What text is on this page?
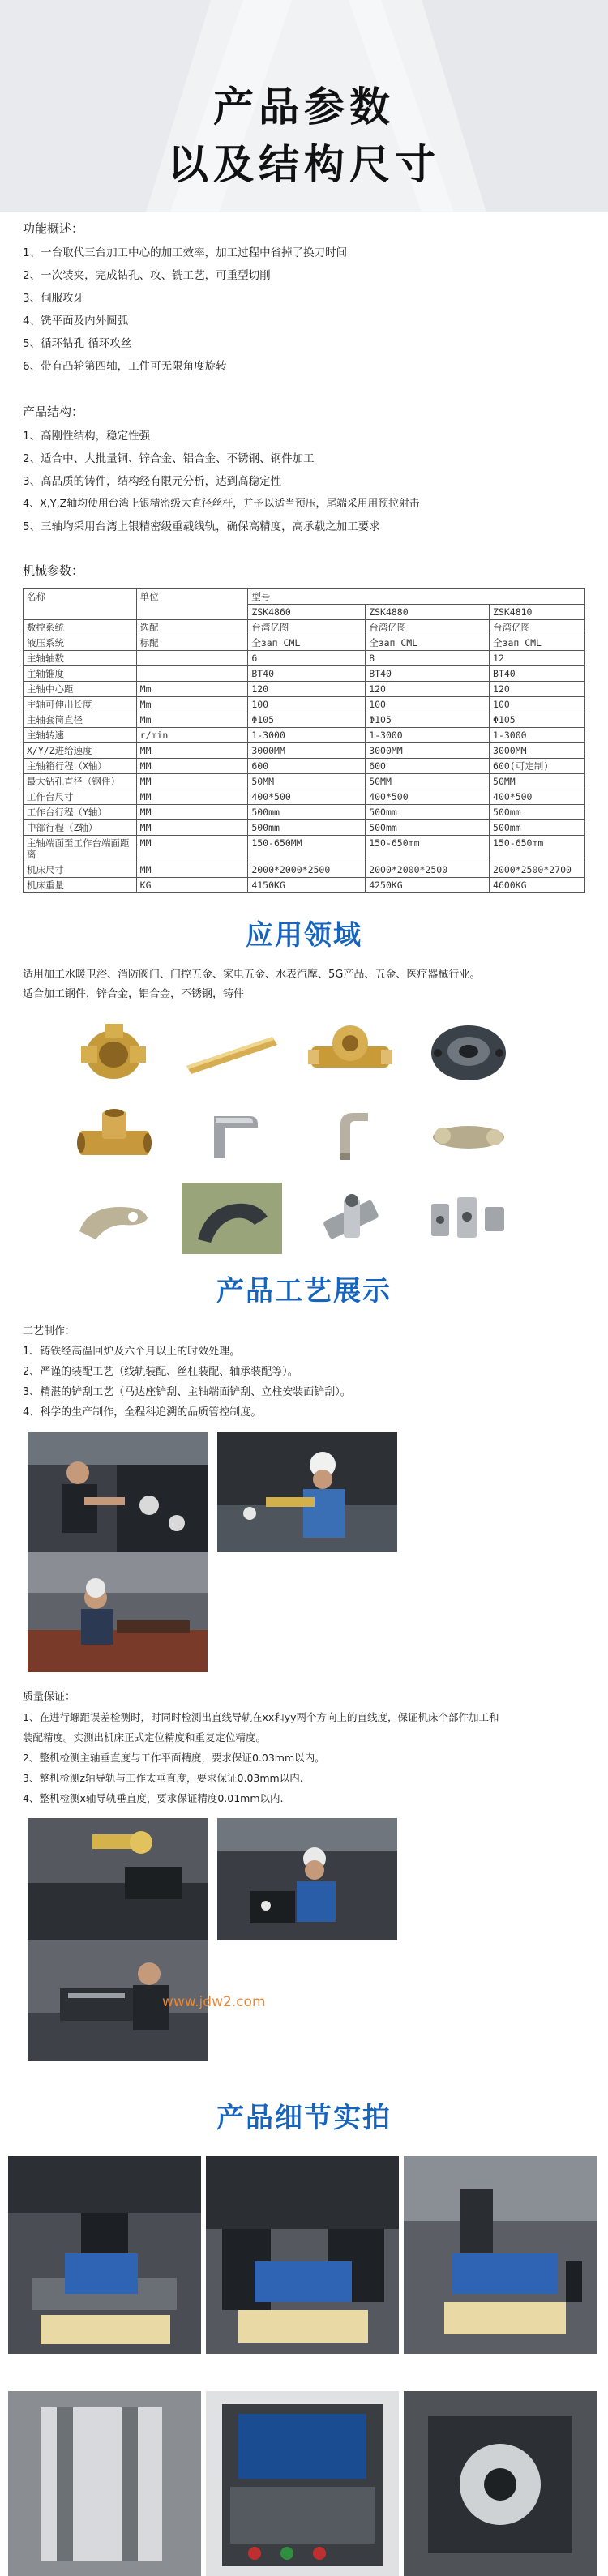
产品参数
以及结构尺寸
功能概述：
1、一台取代三台加工中心的加工效率，加工过程中省掉了换刀时间
2、一次装夹，完成钻孔、攻、铣工艺，可重型切削
3、伺服攻牙
4、铣平面及内外圆弧
5、循环钻孔 循环攻丝
6、带有凸轮第四轴，工件可无限角度旋转
产品结构：
1、高刚性结构，稳定性强
2、适合中、大批量铜、锌合金、铝合金、不锈钢、钢件加工
3、高品质的铸件，结构经有限元分析，达到高稳定性
4、X,Y,Z轴均使用台湾上银精密级大直径丝杆，并予以适当预压，尾端采用用预拉射击
5、三轴均采用台湾上银精密级重载线轨，确保高精度，高承载之加工要求
机械参数：
名称	单位	型号		
		ZSK4860	ZSK4880	ZSK4810
数控系统	选配	台湾亿图	台湾亿图	台湾亿图
液压系统	标配	全зап CML	全зап CML	全зап CML
主轴轴数		6	8	12
主轴锥度		BT40	BT40	BT40
主轴中心距	Mm	120	120	120
主轴可伸出长度	Mm	100	100	100
主轴套筒直径	Mm	Φ105	Φ105	Φ105
主轴转速	r/min	1-3000	1-3000	1-3000
X/Y/Z进给速度	MM	3000MM	3000MM	3000MM
主轴箱行程（X轴）	MM	600	600	600(可定制)
最大钻孔直径（钢件）	MM	50MM	50MM	50MM
工作台尺寸	MM	400*500	400*500	400*500
工作台行程（Y轴）	MM	500mm	500mm	500mm
中部行程（Z轴）	MM	500mm	500mm	500mm
主轴端面至工作台端面距离	MM	150-650MM	150-650mm	150-650mm
机床尺寸	MM	2000*2000*2500	2000*2000*2500	2000*2500*2700
机床重量	KG	4150KG	4250KG	4600KG
应用领域
适用加工水暖卫浴、消防阀门、门控五金、家电五金、水表汽摩、5G产品、五金、医疗器械行业。
适合加工钢件，锌合金，铝合金，不锈钢，铸件
产品工艺展示
工艺制作：
1、铸铁经高温回炉及六个月以上的时效处理。
2、严谨的装配工艺（线轨装配、丝杠装配、轴承装配等）。
3、精湛的铲刮工艺（马达座铲刮、主轴端面铲刮、立柱安装面铲刮）。
4、科学的生产制作，全程科追溯的品质管控制度。
质量保证：
1、在进行螺距误差检测时，时同时检测出直线导轨在xx和yy两个方向上的直线度，保证机床个部件加工和
装配精度。实测出机床正式定位精度和重复定位精度。
2、整机检测主轴垂直度与工作平面精度，要求保证0.03mm以内。
3、整机检测z轴导轨与工作太垂直度，要求保证0.03mm以内.
4、整机检测x轴导轨垂直度，要求保证精度0.01mm以内.
产品细节实拍
www.jdw2.com
